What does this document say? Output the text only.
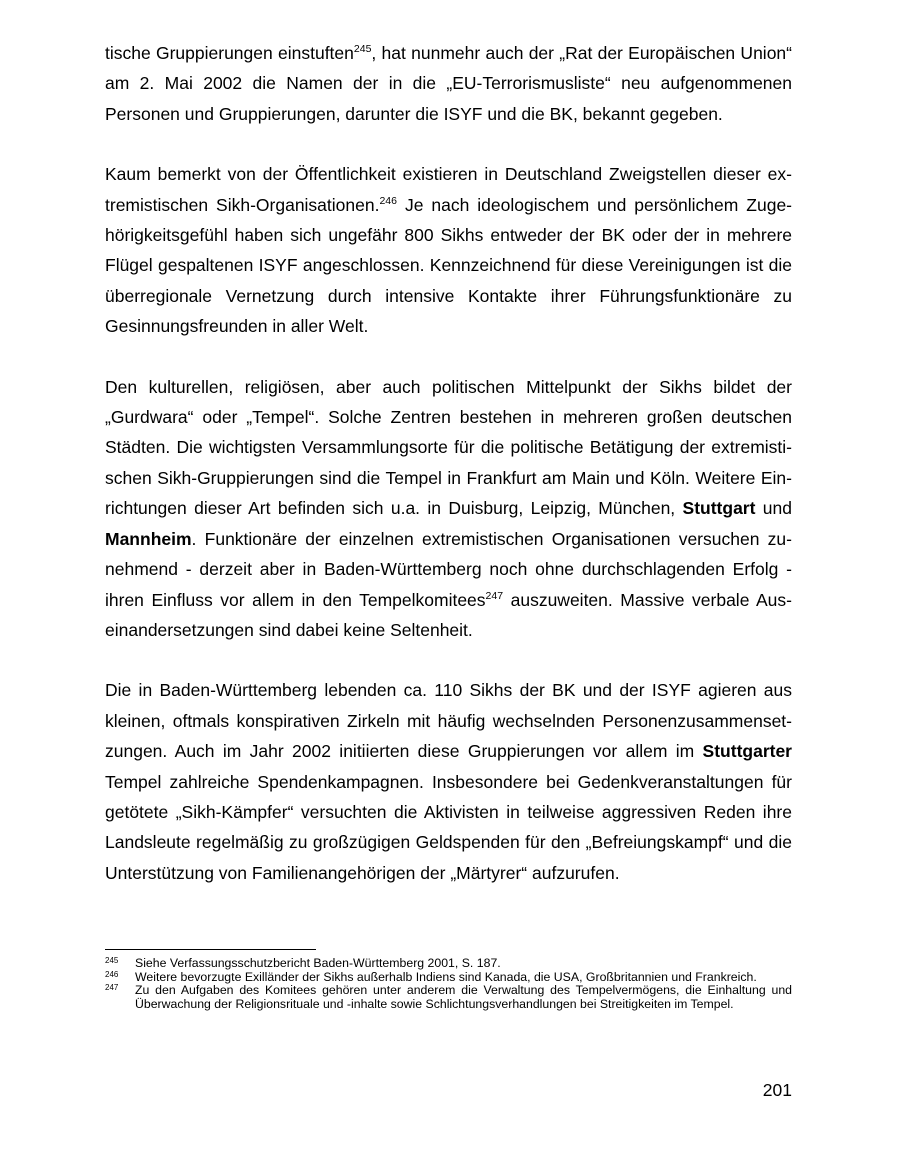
tische Gruppierungen einstuften$^{245}$, hat nunmehr auch der „Rat der Europäischen Union“ am 2. Mai 2002 die Namen der in die „EU-Terrorismusliste“ neu aufgenommenen Personen und Gruppierungen, darunter die ISYF und die BK, bekannt gegeben.

Kaum bemerkt von der Öffentlichkeit existieren in Deutschland Zweigstellen dieser extremistischen Sikh-Organisationen.$^{246}$ Je nach ideologischem und persönlichem Zugehörigkeitsgefühl haben sich ungefähr 800 Sikhs entweder der BK oder der in mehrere Flügel gespaltenen ISYF angeschlossen. Kennzeichnend für diese Vereinigungen ist die überregionale Vernetzung durch intensive Kontakte ihrer Führungsfunktionäre zu Gesinnungsfreunden in aller Welt.

Den kulturellen, religiösen, aber auch politischen Mittelpunkt der Sikhs bildet der „Gurdwara“ oder „Tempel“. Solche Zentren bestehen in mehreren großen deutschen Städten. Die wichtigsten Versammlungsorte für die politische Betätigung der extremistischen Sikh-Gruppierungen sind die Tempel in Frankfurt am Main und Köln. Weitere Einrichtungen dieser Art befinden sich u.a. in Duisburg, Leipzig, München, Stuttgart und Mannheim. Funktionäre der einzelnen extremistischen Organisationen versuchen zunehmend - derzeit aber in Baden-Württemberg noch ohne durchschlagenden Erfolg - ihren Einfluss vor allem in den Tempelkomitees$^{247}$ auszuweiten. Massive verbale Auseinandersetzungen sind dabei keine Seltenheit.

Die in Baden-Württemberg lebenden ca. 110 Sikhs der BK und der ISYF agieren aus kleinen, oftmals konspirativen Zirkeln mit häufig wechselnden Personenzusammensetzungen. Auch im Jahr 2002 initiierten diese Gruppierungen vor allem im Stuttgarter Tempel zahlreiche Spendenkampagnen. Insbesondere bei Gedenkveranstaltungen für getötete „Sikh-Kämpfer“ versuchten die Aktivisten in teilweise aggressiven Reden ihre Landsleute regelmäßig zu großzügigen Geldspenden für den „Befreiungskampf“ und die Unterstützung von Familienangehörigen der „Märtyrer“ aufzurufen.

245	Siehe Verfassungsschutzbericht Baden-Württemberg 2001, S. 187.
246	Weitere bevorzugte Exilländer der Sikhs außerhalb Indiens sind Kanada, die USA, Großbritannien und Frankreich.
247	Zu den Aufgaben des Komitees gehören unter anderem die Verwaltung des Tempelvermögens, die Einhaltung und Überwachung der Religionsrituale und -inhalte sowie Schlichtungsverhandlungen bei Streitigkeiten im Tempel.
201
